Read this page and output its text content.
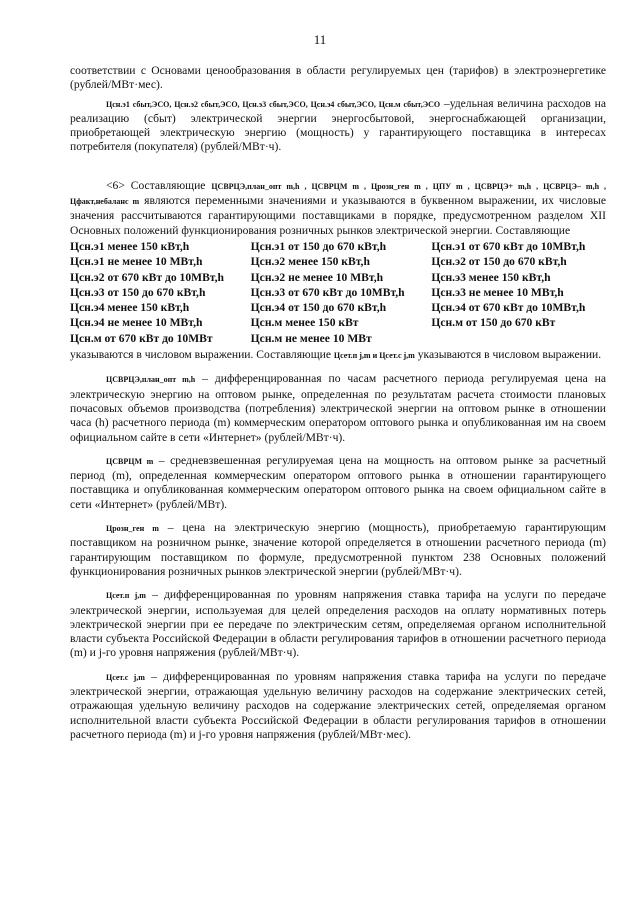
11

соответствии с Основами ценообразования в области регулируемых цен (тарифов) в электроэнергетике (рублей/МВт·мес).

Цсн.э1 сбыт,ЭСО, Цсн.э2 сбыт,ЭСО, Цсн.э3 сбыт,ЭСО, Цсн.э4 сбыт,ЭСО, Цсн.м сбыт,ЭСО –удельная величина расходов на реализацию (сбыт) электрической энергии энергосбытовой, энергоснабжающей организации, приобретающей электрическую энергию (мощность) у гарантирующего поставщика в интересах потребителя (покупателя) (рублей/МВт·ч).

<6> Составляющие ЦСВРЦЭ,план_опт m,h , ЦСВРЦМ m , Црозн_ген m , ЦПУ m , ЦСВРЦЭ+ m,h , ЦСВРЦЭ– m,h , Цфакт,небаланс m являются переменными значениями и указываются в буквенном выражении, их числовые значения рассчитываются гарантирующими поставщиками в порядке, предусмотренном разделом XII Основных положений функционирования розничных рынков электрической энергии. Составляющие

Цсн.э1 менее 150 кВт,h	Цсн.э1 от 150 до 670 кВт,h	Цсн.э1 от 670 кВт до 10МВт,h
Цсн.э1 не менее 10 МВт,h	Цсн.э2 менее 150 кВт,h	Цсн.э2 от 150 до 670 кВт,h
Цсн.э2 от 670 кВт до 10МВт,h	Цсн.э2 не менее 10 МВт,h	Цсн.э3 менее 150 кВт,h
Цсн.э3 от 150 до 670 кВт,h	Цсн.э3 от 670 кВт до 10МВт,h	Цсн.э3 не менее 10 МВт,h
Цсн.э4 менее 150 кВт,h	Цсн.э4 от 150 до 670 кВт,h	Цсн.э4 от 670 кВт до 10МВт,h
Цсн.э4 не менее 10 МВт,h	Цсн.м менее 150 кВт	Цсн.м от 150 до 670 кВт
Цсн.м от 670 кВт до 10МВт	Цсн.м не менее 10 МВт

указываются в числовом выражении. Составляющие Цсет.п j,m и Цсет.с j,m указываются в числовом выражении.

ЦСВРЦЭ,план_опт m,h – дифференцированная по часам расчетного периода регулируемая цена на электрическую энергию на оптовом рынке, определенная по результатам расчета стоимости плановых почасовых объемов производства (потребления) электрической энергии на оптовом рынке в отношении часа (h) расчетного периода (m) коммерческим оператором оптового рынка и опубликованная им на своем официальном сайте в сети «Интернет» (рублей/МВт·ч).

ЦСВРЦМ m – средневзвешенная регулируемая цена на мощность на оптовом рынке за расчетный период (m), определенная коммерческим оператором оптового рынка в отношении гарантирующего поставщика и опубликованная коммерческим оператором оптового рынка на своем официальном сайте в сети «Интернет» (рублей/МВт).

Црозн_ген m – цена на электрическую энергию (мощность), приобретаемую гарантирующим поставщиком на розничном рынке, значение которой определяется в отношении расчетного периода (m) гарантирующим поставщиком по формуле, предусмотренной пунктом 238 Основных положений функционирования розничных рынков электрической энергии (рублей/МВт·ч).

Цсет.п j,m – дифференцированная по уровням напряжения ставка тарифа на услуги по передаче электрической энергии, используемая для целей определения расходов на оплату нормативных потерь электрической энергии при ее передаче по электрическим сетям, определяемая органом исполнительной власти субъекта Российской Федерации в области регулирования тарифов в отношении расчетного периода (m) и j-го уровня напряжения (рублей/МВт·ч).

Цсет.с j,m – дифференцированная по уровням напряжения ставка тарифа на услуги по передаче электрической энергии, отражающая удельную величину расходов на содержание электрических сетей, отражающая удельную величину расходов на содержание электрических сетей, определяемая органом исполнительной власти субъекта Российской Федерации в области регулирования тарифов в отношении расчетного периода (m) и j-го уровня напряжения (рублей/МВт·мес).
